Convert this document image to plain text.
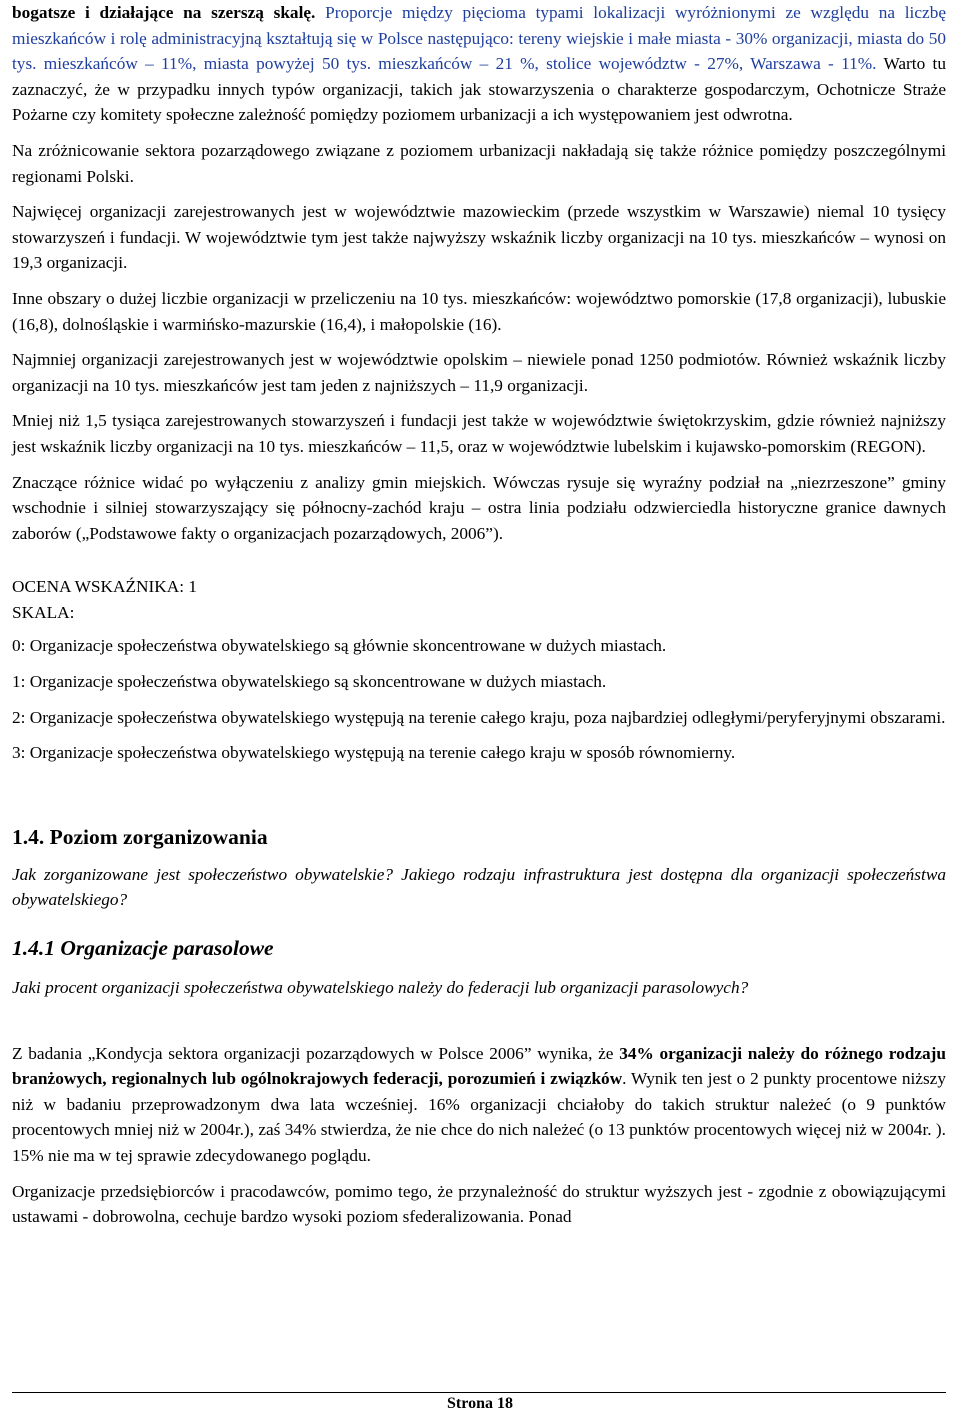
bogatsze i działające na szerszą skalę. Proporcje między pięcioma typami lokalizacji wyróżnionymi ze względu na liczbę mieszkańców i rolę administracyjną kształtują się w Polsce następująco: tereny wiejskie i małe miasta - 30% organizacji, miasta do 50 tys. mieszkańców – 11%, miasta powyżej 50 tys. mieszkańców – 21 %, stolice województw - 27%, Warszawa - 11%. Warto tu zaznaczyć, że w przypadku innych typów organizacji, takich jak stowarzyszenia o charakterze gospodarczym, Ochotnicze Straże Pożarne czy komitety społeczne zależność pomiędzy poziomem urbanizacji a ich występowaniem jest odwrotna.

Na zróżnicowanie sektora pozarządowego związane z poziomem urbanizacji nakładają się także różnice pomiędzy poszczególnymi regionami Polski.

Najwięcej organizacji zarejestrowanych jest w województwie mazowieckim (przede wszystkim w Warszawie) niemal 10 tysięcy stowarzyszeń i fundacji. W województwie tym jest także najwyższy wskaźnik liczby organizacji na 10 tys. mieszkańców – wynosi on 19,3 organizacji.

Inne obszary o dużej liczbie organizacji w przeliczeniu na 10 tys. mieszkańców: województwo pomorskie (17,8 organizacji), lubuskie (16,8), dolnośląskie i warmińsko-mazurskie (16,4), i małopolskie (16).

Najmniej organizacji zarejestrowanych jest w województwie opolskim – niewiele ponad 1250 podmiotów. Również wskaźnik liczby organizacji na 10 tys. mieszkańców jest tam jeden z najniższych – 11,9 organizacji.

Mniej niż 1,5 tysiąca zarejestrowanych stowarzyszeń i fundacji jest także w województwie świętokrzyskim, gdzie również najniższy jest wskaźnik liczby organizacji na 10 tys. mieszkańców – 11,5, oraz w województwie lubelskim i kujawsko-pomorskim (REGON).

Znaczące różnice widać po wyłączeniu z analizy gmin miejskich. Wówczas rysuje się wyraźny podział na „niezrzeszone” gminy wschodnie i silniej stowarzyszający się północny-zachód kraju – ostra linia podziału odzwierciedla historyczne granice dawnych zaborów („Podstawowe fakty o organizacjach pozarządowych, 2006”).

OCENA WSKAŹNIKA: 1

SKALA:

0: Organizacje społeczeństwa obywatelskiego są głównie skoncentrowane w dużych miastach.

1: Organizacje społeczeństwa obywatelskiego są skoncentrowane w dużych miastach.

2: Organizacje społeczeństwa obywatelskiego występują na terenie całego kraju, poza najbardziej odległymi/peryferyjnymi obszarami.

3: Organizacje społeczeństwa obywatelskiego występują na terenie całego kraju w sposób równomierny.

1.4. Poziom zorganizowania

Jak zorganizowane jest społeczeństwo obywatelskie? Jakiego rodzaju infrastruktura jest dostępna dla organizacji społeczeństwa obywatelskiego?

1.4.1 Organizacje parasolowe

Jaki procent organizacji społeczeństwa obywatelskiego należy do federacji lub organizacji parasolowych?

Z badania „Kondycja sektora organizacji pozarządowych w Polsce 2006” wynika, że 34% organizacji należy do różnego rodzaju branżowych, regionalnych lub ogólnokrajowych federacji, porozumień i związków. Wynik ten jest o 2 punkty procentowe niższy niż w badaniu przeprowadzonym dwa lata wcześniej. 16% organizacji chciałoby do takich struktur należeć (o 9 punktów procentowych mniej niż w 2004r.), zaś 34% stwierdza, że nie chce do nich należeć (o 13 punktów procentowych więcej niż w 2004r. ). 15% nie ma w tej sprawie zdecydowanego poglądu.

Organizacje przedsiębiorców i pracodawców, pomimo tego, że przynależność do struktur wyższych jest - zgodnie z obowiązującymi ustawami - dobrowolna, cechuje bardzo wysoki poziom sfederalizowania. Ponad

Strona 18
